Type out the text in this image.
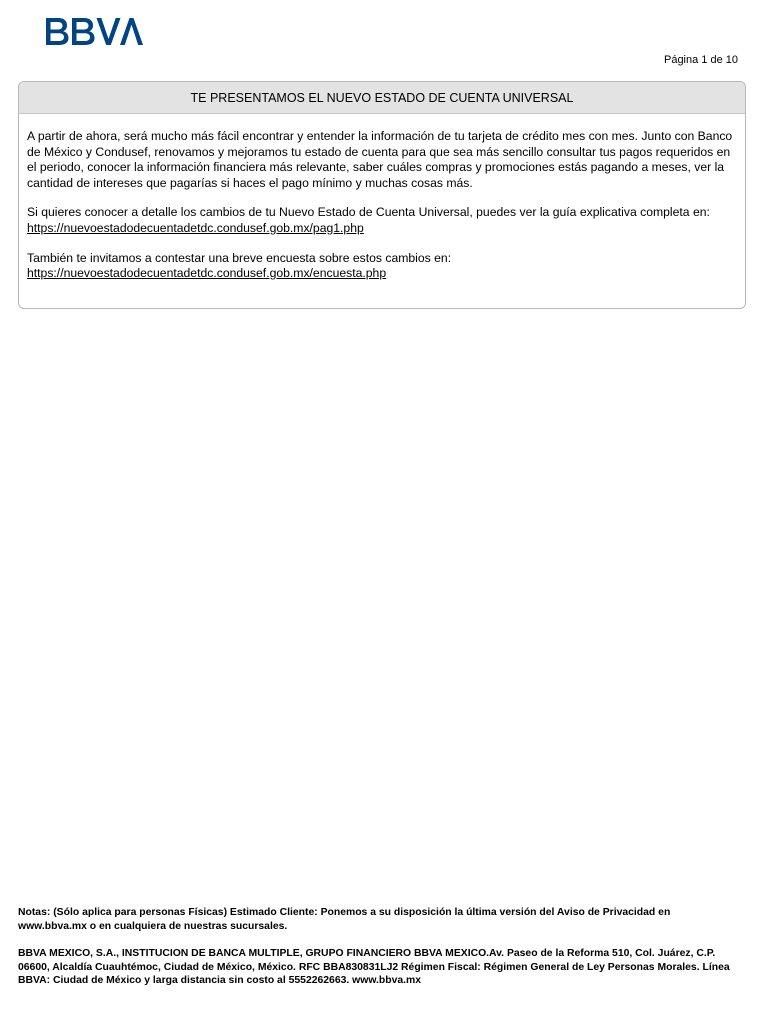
Página 1 de 10
TE PRESENTAMOS EL NUEVO ESTADO DE CUENTA UNIVERSAL

A partir de ahora, será mucho más fácil encontrar y entender la información de tu tarjeta de crédito mes con mes. Junto con Banco de México y Condusef, renovamos y mejoramos tu estado de cuenta para que sea más sencillo consultar tus pagos requeridos en el periodo, conocer la información financiera más relevante, saber cuáles compras y promociones estás pagando a meses, ver la cantidad de intereses que pagarías si haces el pago mínimo y muchas cosas más.

Si quieres conocer a detalle los cambios de tu Nuevo Estado de Cuenta Universal, puedes ver la guía explicativa completa en:
https://nuevoestadodecuentadetdc.condusef.gob.mx/pag1.php

También te invitamos a contestar una breve encuesta sobre estos cambios en:
https://nuevoestadodecuentadetdc.condusef.gob.mx/encuesta.php

Notas: (Sólo aplica para personas Físicas) Estimado Cliente: Ponemos a su disposición la última versión del Aviso de Privacidad en www.bbva.mx o en cualquiera de nuestras sucursales.
BBVA MEXICO, S.A., INSTITUCION DE BANCA MULTIPLE, GRUPO FINANCIERO BBVA MEXICO.Av. Paseo de la Reforma 510, Col. Juárez, C.P. 06600, Alcaldía Cuauhtémoc, Ciudad de México, México. RFC BBA830831LJ2 Régimen Fiscal: Régimen General de Ley Personas Morales. Línea BBVA: Ciudad de México y larga distancia sin costo al 5552262663. www.bbva.mx
